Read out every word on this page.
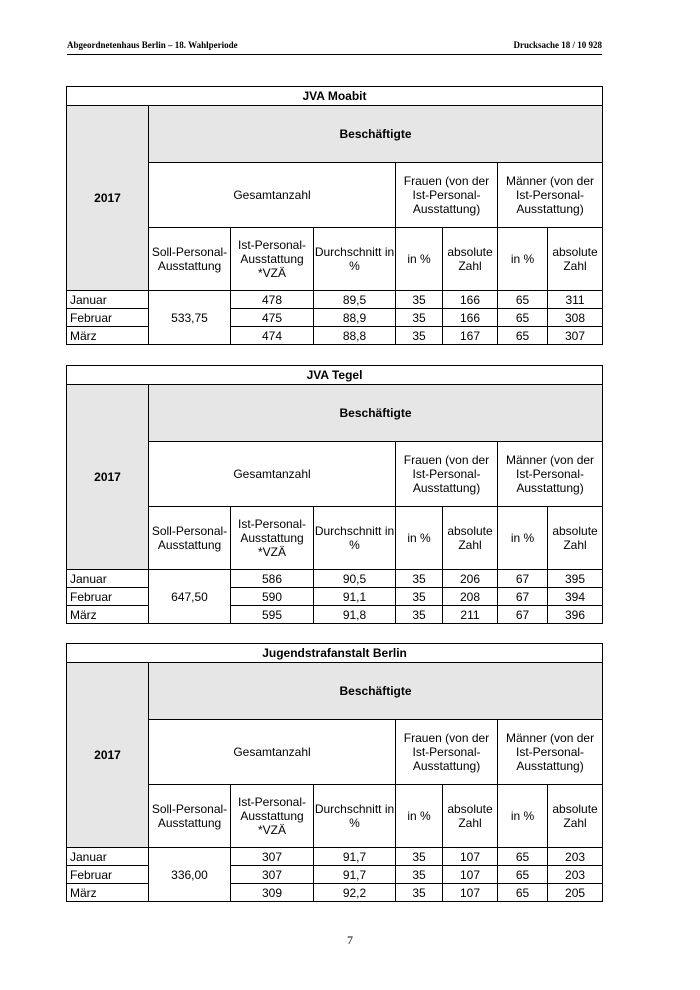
Abgeordnetenhaus Berlin – 18. Wahlperiode	Drucksache 18 / 10 928
JVA Moabit							
2017	Beschäftigte						
	Gesamtanzahl			Frauen (von der Ist-Personal-Ausstattung)		Männer (von der Ist-Personal-Ausstattung)	
	Soll-Personal-Ausstattung	Ist-Personal-Ausstattung *VZÄ	Durchschnitt in %	in %	absolute Zahl	in %	absolute Zahl
Januar	533,75	478	89,5	35	166	65	311
Februar		475	88,9	35	166	65	308
März		474	88,8	35	167	65	307
JVA Tegel							
2017	Beschäftigte						
	Gesamtanzahl			Frauen (von der Ist-Personal-Ausstattung)		Männer (von der Ist-Personal-Ausstattung)	
	Soll-Personal-Ausstattung	Ist-Personal-Ausstattung *VZÄ	Durchschnitt in %	in %	absolute Zahl	in %	absolute Zahl
Januar	647,50	586	90,5	35	206	67	395
Februar		590	91,1	35	208	67	394
März		595	91,8	35	211	67	396
Jugendstrafanstalt Berlin							
2017	Beschäftigte						
	Gesamtanzahl			Frauen (von der Ist-Personal-Ausstattung)		Männer (von der Ist-Personal-Ausstattung)	
	Soll-Personal-Ausstattung	Ist-Personal-Ausstattung *VZÄ	Durchschnitt in %	in %	absolute Zahl	in %	absolute Zahl
Januar	336,00	307	91,7	35	107	65	203
Februar		307	91,7	35	107	65	203
März		309	92,2	35	107	65	205
7
